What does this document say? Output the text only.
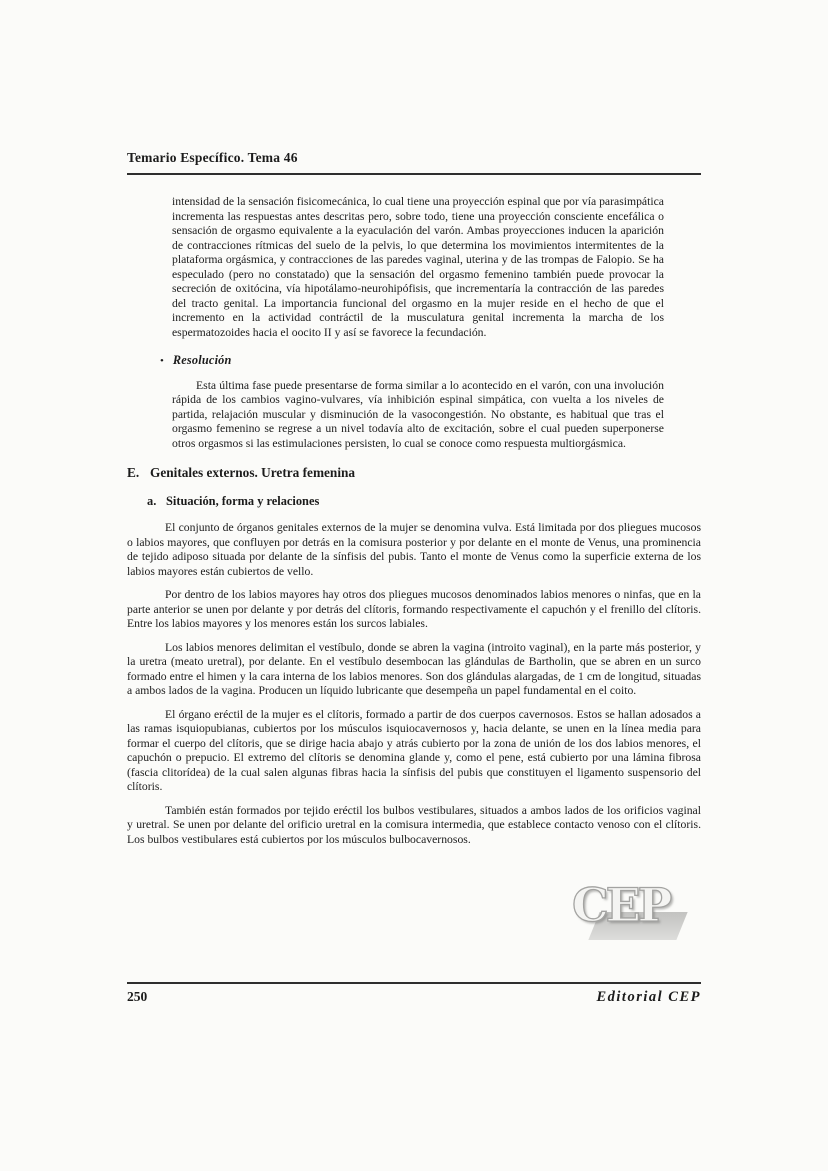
Temario Específico. Tema 46

intensidad de la sensación fisicomecánica, lo cual tiene una proyección espinal que por vía parasimpática incrementa las respuestas antes descritas pero, sobre todo, tiene una proyección consciente encefálica o sensación de orgasmo equivalente a la eyaculación del varón. Ambas proyecciones inducen la aparición de contracciones rítmicas del suelo de la pelvis, lo que determina los movimientos intermitentes de la plataforma orgásmica, y contracciones de las paredes vaginal, uterina y de las trompas de Falopio. Se ha especulado (pero no constatado) que la sensación del orgasmo femenino también puede provocar la secreción de oxitócina, vía hipotálamo-neurohipófisis, que incrementaría la contracción de las paredes del tracto genital. La importancia funcional del orgasmo en la mujer reside en el hecho de que el incremento en la actividad contráctil de la musculatura genital incrementa la marcha de los espermatozoides hacia el oocito II y así se favorece la fecundación.

• Resolución

Esta última fase puede presentarse de forma similar a lo acontecido en el varón, con una involución rápida de los cambios vagino-vulvares, vía inhibición espinal simpática, con vuelta a los niveles de partida, relajación muscular y disminución de la vasocongestión. No obstante, es habitual que tras el orgasmo femenino se regrese a un nivel todavía alto de excitación, sobre el cual pueden superponerse otros orgasmos si las estimulaciones persisten, lo cual se conoce como respuesta multiorgásmica.

E. Genitales externos. Uretra femenina
a. Situación, forma y relaciones

El conjunto de órganos genitales externos de la mujer se denomina vulva. Está limitada por dos pliegues mucosos o labios mayores, que confluyen por detrás en la comisura posterior y por delante en el monte de Venus, una prominencia de tejido adiposo situada por delante de la sínfisis del pubis. Tanto el monte de Venus como la superficie externa de los labios mayores están cubiertos de vello.

Por dentro de los labios mayores hay otros dos pliegues mucosos denominados labios menores o ninfas, que en la parte anterior se unen por delante y por detrás del clítoris, formando respectivamente el capuchón y el frenillo del clítoris. Entre los labios mayores y los menores están los surcos labiales.

Los labios menores delimitan el vestíbulo, donde se abren la vagina (introito vaginal), en la parte más posterior, y la uretra (meato uretral), por delante. En el vestíbulo desembocan las glándulas de Bartholin, que se abren en un surco formado entre el himen y la cara interna de los labios menores. Son dos glándulas alargadas, de 1 cm de longitud, situadas a ambos lados de la vagina. Producen un líquido lubricante que desempeña un papel fundamental en el coito.

El órgano eréctil de la mujer es el clítoris, formado a partir de dos cuerpos cavernosos. Estos se hallan adosados a las ramas isquiopubianas, cubiertos por los músculos isquiocavernosos y, hacia delante, se unen en la línea media para formar el cuerpo del clítoris, que se dirige hacia abajo y atrás cubierto por la zona de unión de los dos labios menores, el capuchón o prepucio. El extremo del clítoris se denomina glande y, como el pene, está cubierto por una lámina fibrosa (fascia clitorídea) de la cual salen algunas fibras hacia la sínfisis del pubis que constituyen el ligamento suspensorio del clítoris.

También están formados por tejido eréctil los bulbos vestibulares, situados a ambos lados de los orificios vaginal y uretral. Se unen por delante del orificio uretral en la comisura intermedia, que establece contacto venoso con el clítoris. Los bulbos vestibulares está cubiertos por los músculos bulbocavernosos.

CEP
250	Editorial CEP
